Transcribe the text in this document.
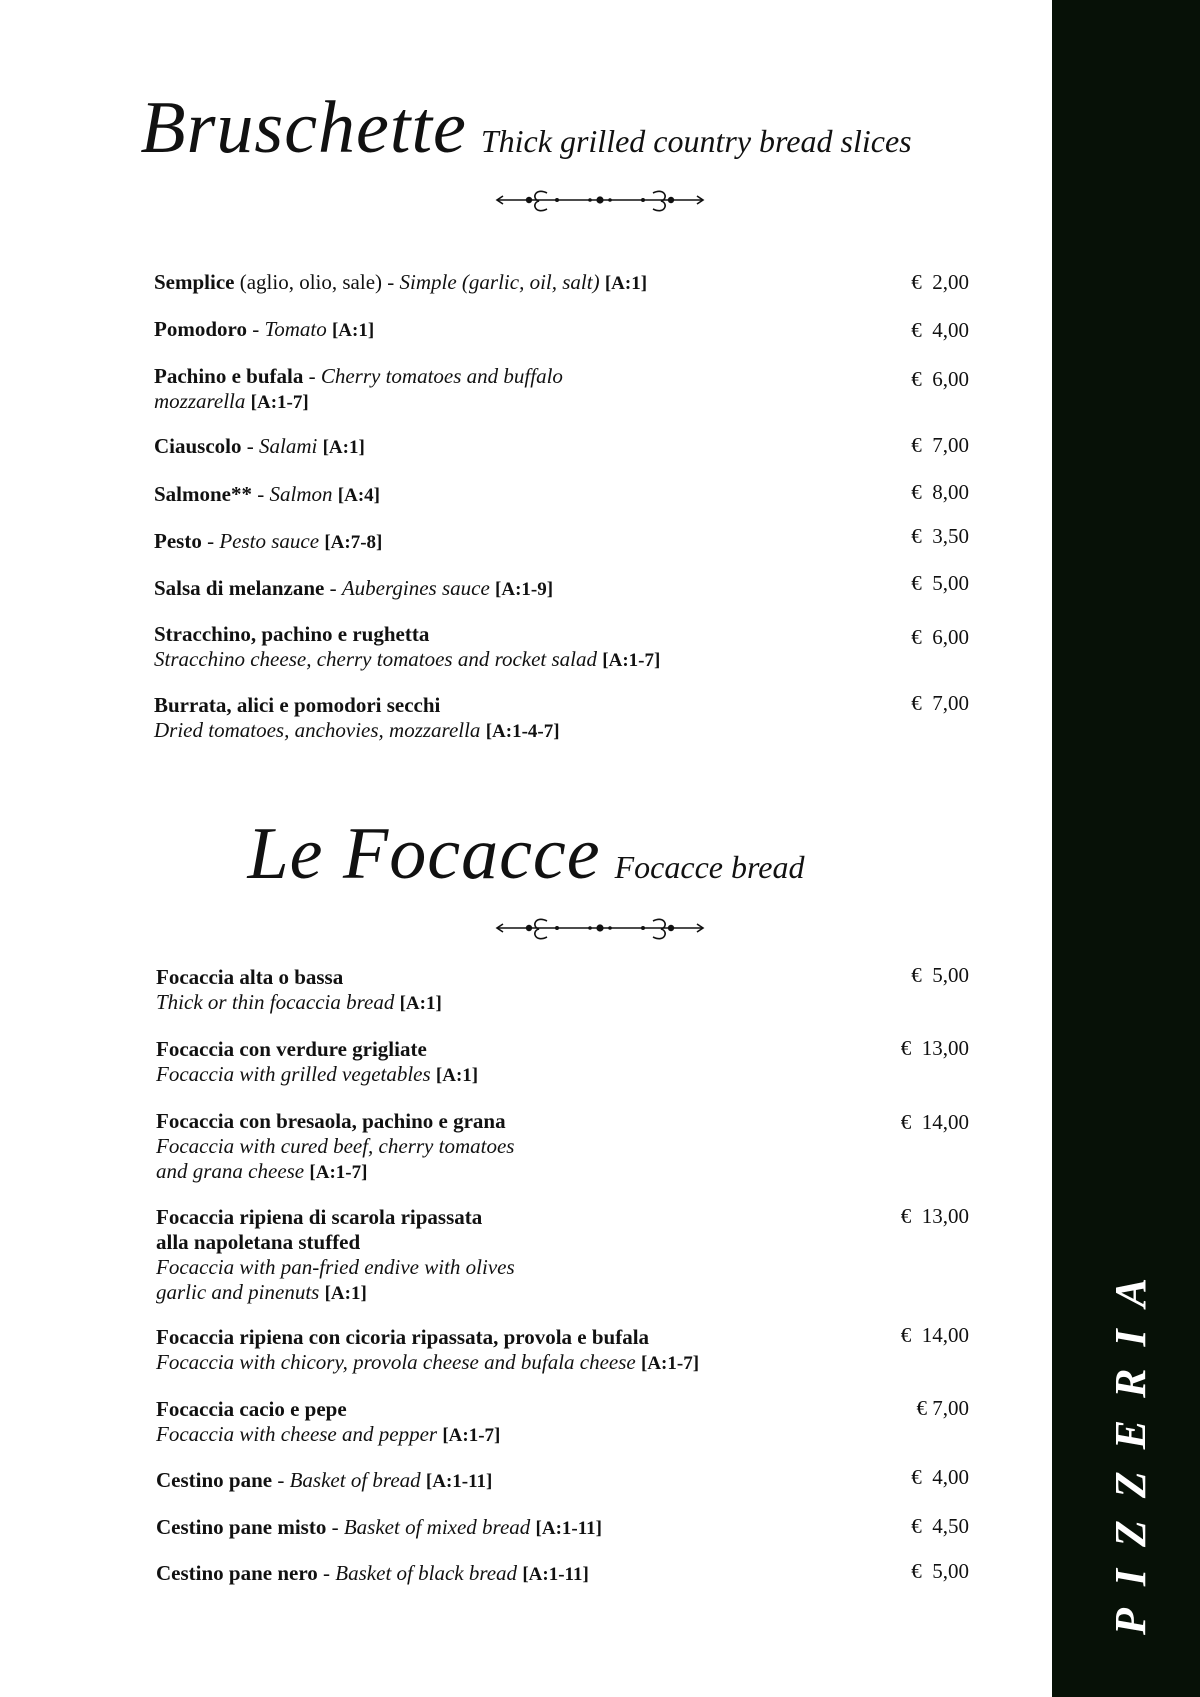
PIZZERIA
Bruschette Thick grilled country bread slices
Semplice (aglio, olio, sale) - Simple (garlic, oil, salt) [A:1]	€  2,00
Pomodoro - Tomato [A:1]	€  4,00
Pachino e bufala - Cherry tomatoes and buffalo
mozzarella [A:1-7]
€  6,00
Ciauscolo - Salami [A:1]	€  7,00
Salmone** - Salmon [A:4]	€  8,00
Pesto - Pesto sauce [A:7-8]	€  3,50
Salsa di melanzane - Aubergines sauce [A:1-9]	€  5,00
Stracchino, pachino e rughetta
Stracchino cheese, cherry tomatoes and rocket salad [A:1-7]
€  6,00
Burrata, alici e pomodori secchi
Dried tomatoes, anchovies, mozzarella [A:1-4-7]
€  7,00
Le Focacce Focacce bread
Focaccia alta o bassa
Thick or thin focaccia bread [A:1]
€  5,00
Focaccia con verdure grigliate
Focaccia with grilled vegetables [A:1]
€  13,00
Focaccia con bresaola, pachino e grana
Focaccia with cured beef, cherry tomatoes
and grana cheese [A:1-7]
€  14,00
Focaccia ripiena di scarola ripassata
alla napoletana stuffed
Focaccia with pan-fried endive with olives
garlic and pinenuts [A:1]
€  13,00
Focaccia ripiena con cicoria ripassata, provola e bufala
Focaccia with chicory, provola cheese and bufala cheese [A:1-7]
€  14,00
Focaccia cacio e pepe
Focaccia with cheese and pepper [A:1-7]
€ 7,00
Cestino pane - Basket of bread [A:1-11]	€  4,00
Cestino pane misto - Basket of mixed bread [A:1-11]	€  4,50
Cestino pane nero - Basket of black bread [A:1-11]	€  5,00
